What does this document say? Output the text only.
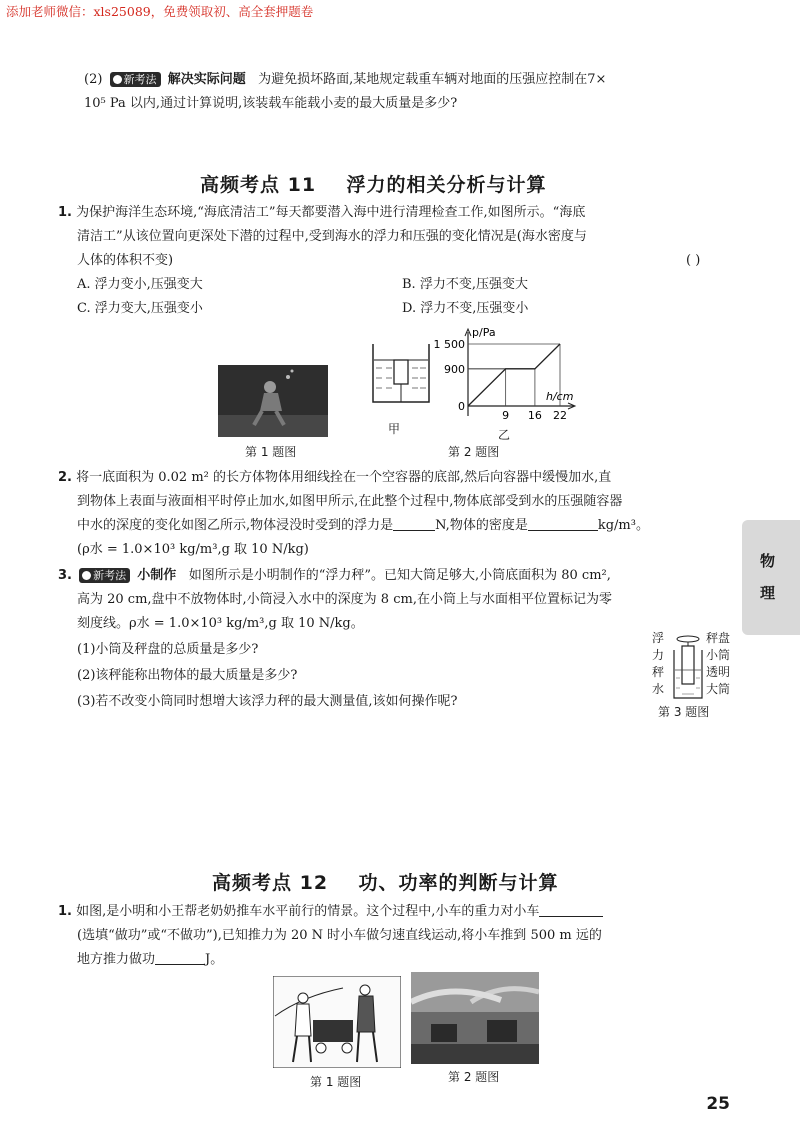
添加老师微信：xls25089，免费领取初、高全套押题卷
(2) 新考法 解决实际问题 为避免损坏路面,某地规定载重车辆对地面的压强应控制在7×
10⁵ Pa 以内,通过计算说明,该装载车能载小麦的最大质量是多少?
高频考点 11 浮力的相关分析与计算
1. 为保护海洋生态环境,“海底清洁工”每天都要潜入海中进行清理检查工作,如图所示。“海底
清洁工”从该位置向更深处下潜的过程中,受到海水的浮力和压强的变化情况是(海水密度与
人体的体积不变)	( )
A. 浮力变小,压强变大	B. 浮力不变,压强变大
C. 浮力变大,压强变小	D. 浮力不变,压强变小
第 1 题图
甲
p/Pa
h/cm
1 500
900
0
9 16 22
乙
第 2 题图
2. 将一底面积为 0.02 m² 的长方体物体用细线拴在一个空容器的底部,然后向容器中缓慢加水,直
到物体上表面与液面相平时停止加水,如图甲所示,在此整个过程中,物体底部受到水的压强随容器
中水的深度的变化如图乙所示,物体浸没时受到的浮力是	N,物体的密度是	kg/m³。
(ρ水 = 1.0×10³ kg/m³,g 取 10 N/kg)
3. 新考法 小制作 如图所示是小明制作的“浮力秤”。已知大筒足够大,小筒底面积为 80 cm²,
高为 20 cm,盘中不放物体时,小筒浸入水中的深度为 8 cm,在小筒上与水面相平位置标记为零
刻度线。ρ水 = 1.0×10³ kg/m³,g 取 10 N/kg。
(1)小筒及秤盘的总质量是多少?
(2)该秤能称出物体的最大质量是多少?
(3)若不改变小筒同时想增大该浮力秤的最大测量值,该如何操作呢?
浮
力
秤
水
秤盘
小筒
透明
大筒
第 3 题图
物
理
高频考点 12 功、功率的判断与计算
1. 如图,是小明和小王帮老奶奶推车水平前行的情景。这个过程中,小车的重力对小车
(选填“做功”或“不做功”),已知推力为 20 N 时小车做匀速直线运动,将小车推到 500 m 远的
地方推力做功	J。
第 1 题图	第 2 题图
25
